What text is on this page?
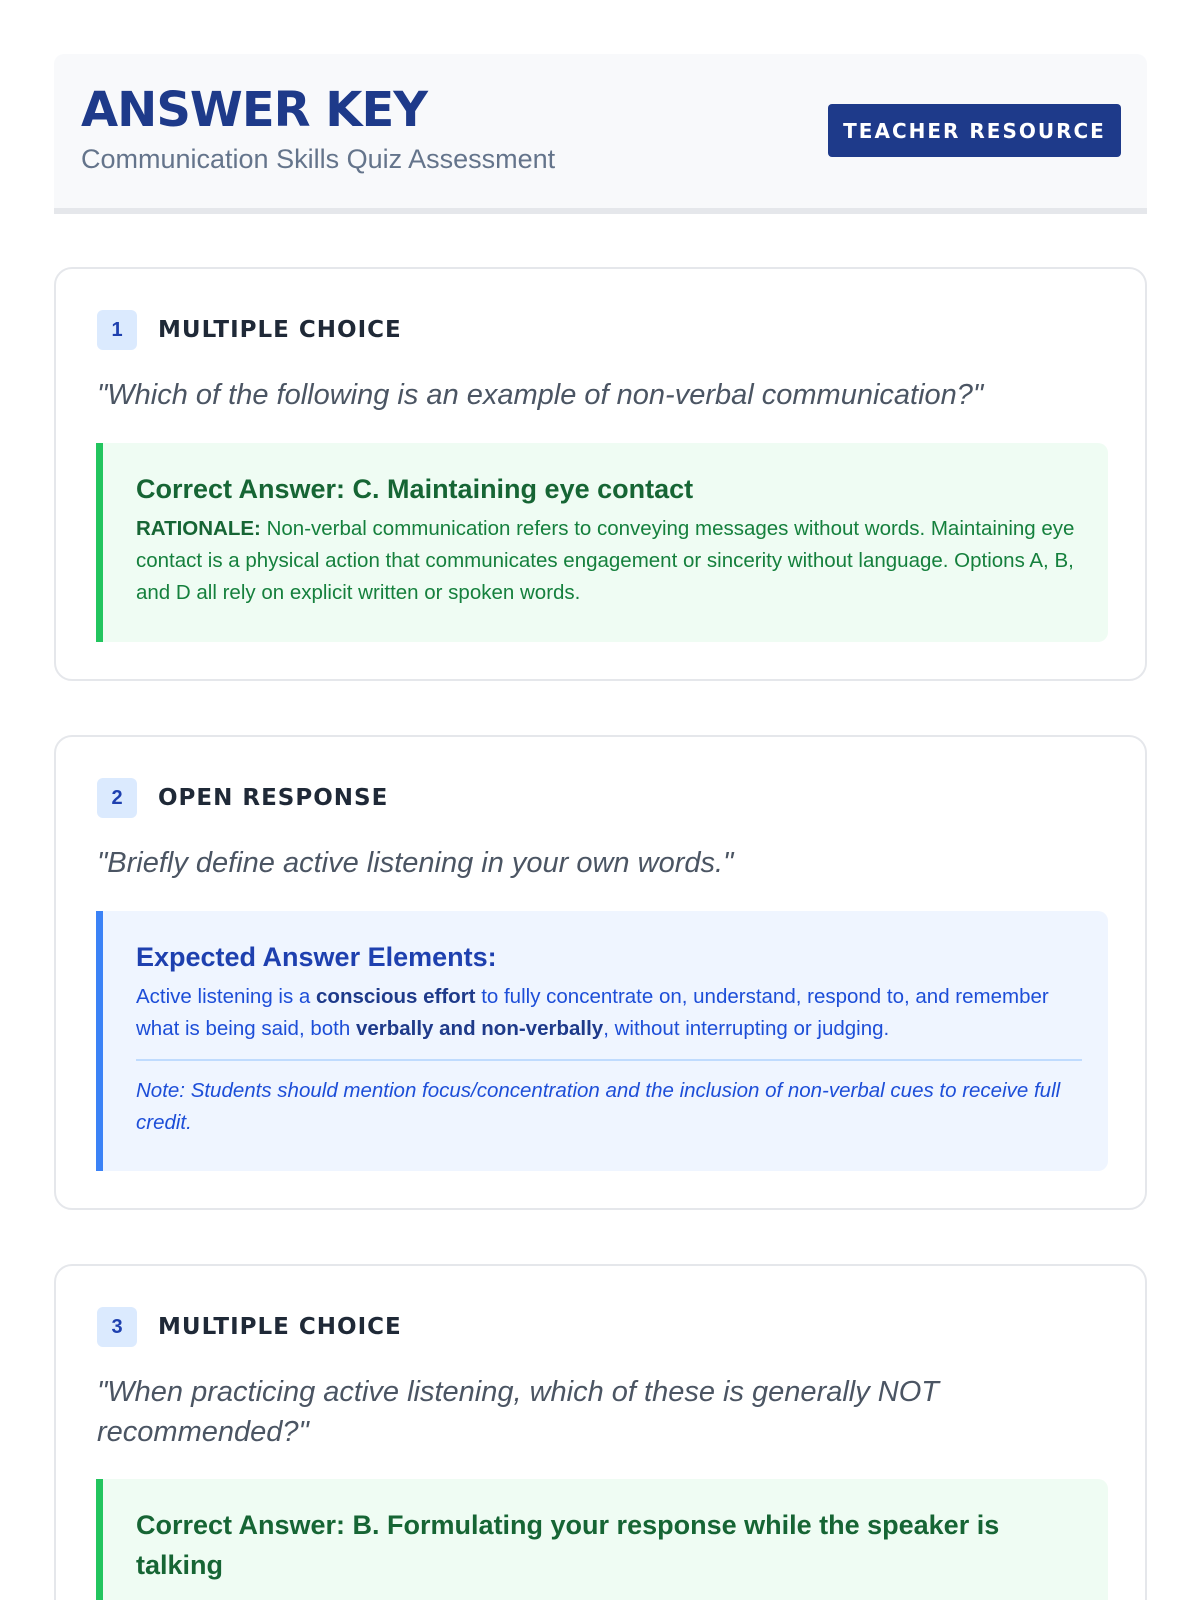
ANSWER KEY
Communication Skills Quiz Assessment
TEACHER RESOURCE
1	MULTIPLE CHOICE
"Which of the following is an example of non-verbal communication?"
Correct Answer: C. Maintaining eye contact
RATIONALE: Non-verbal communication refers to conveying messages without words. Maintaining eye contact is a physical action that communicates engagement or sincerity without language. Options A, B, and D all rely on explicit written or spoken words.
2	OPEN RESPONSE
"Briefly define active listening in your own words."
Expected Answer Elements:
Active listening is a conscious effort to fully concentrate on, understand, respond to, and remember what is being said, both verbally and non-verbally, without interrupting or judging.
Note: Students should mention focus/concentration and the inclusion of non-verbal cues to receive full credit.
3	MULTIPLE CHOICE
"When practicing active listening, which of these is generally NOT recommended?"
Correct Answer: B. Formulating your response while the speaker is talking
